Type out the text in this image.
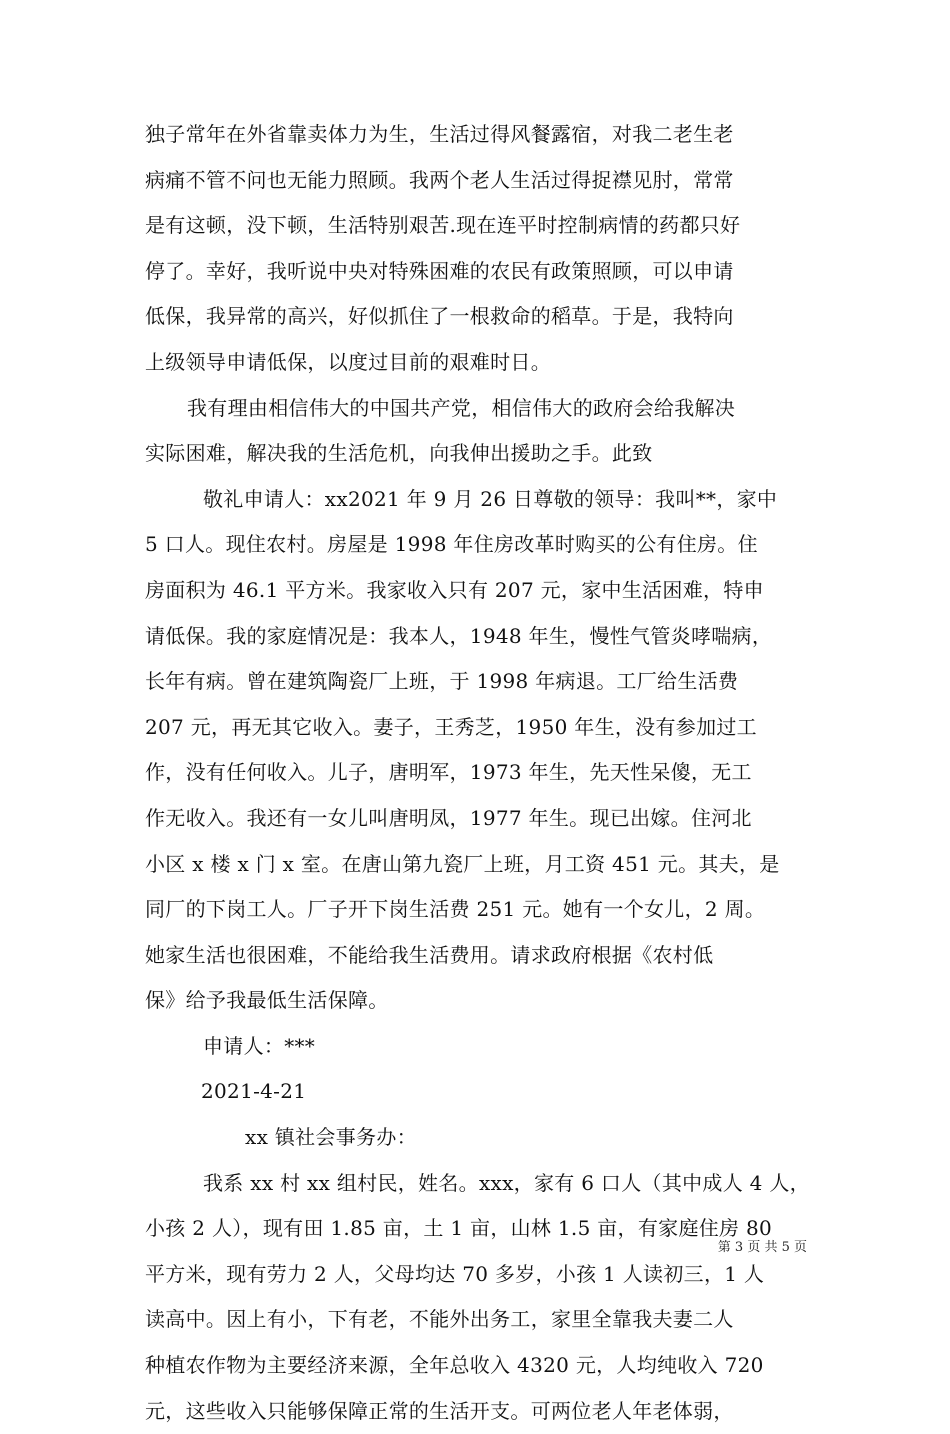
独子常年在外省靠卖体力为生，生活过得风餐露宿，对我二老生老
病痛不管不问也无能力照顾。我两个老人生活过得捉襟见肘，常常
是有这顿，没下顿，生活特别艰苦.现在连平时控制病情的药都只好
停了。幸好，我听说中央对特殊困难的农民有政策照顾，可以申请
低保，我异常的高兴，好似抓住了一根救命的稻草。于是，我特向
上级领导申请低保，以度过目前的艰难时日。
我有理由相信伟大的中国共产党，相信伟大的政府会给我解决
实际困难，解决我的生活危机，向我伸出援助之手。此致
敬礼申请人：xx2021 年 9 月 26 日尊敬的领导：我叫**，家中
5 口人。现住农村。房屋是 1998 年住房改革时购买的公有住房。住
房面积为 46.1 平方米。我家收入只有 207 元，家中生活困难，特申
请低保。我的家庭情况是：我本人，1948 年生，慢性气管炎哮喘病，
长年有病。曾在建筑陶瓷厂上班，于 1998 年病退。工厂给生活费
207 元，再无其它收入。妻子，王秀芝，1950 年生，没有参加过工
作，没有任何收入。儿子，唐明军，1973 年生，先天性呆傻，无工
作无收入。我还有一女儿叫唐明凤，1977 年生。现已出嫁。住河北
小区 x 楼 x 门 x 室。在唐山第九瓷厂上班，月工资 451 元。其夫，是
同厂的下岗工人。厂子开下岗生活费 251 元。她有一个女儿，2 周。
她家生活也很困难，不能给我生活费用。请求政府根据《农村低
保》给予我最低生活保障。
申请人：***
2021-4-21
xx 镇社会事务办：
我系 xx 村 xx 组村民，姓名。xxx，家有 6 口人（其中成人 4 人，
小孩 2 人），现有田 1.85 亩，土 1 亩，山林 1.5 亩，有家庭住房 80
平方米，现有劳力 2 人，父母均达 70 多岁，小孩 1 人读初三，1 人
读高中。因上有小，下有老，不能外出务工，家里全靠我夫妻二人
种植农作物为主要经济来源，全年总收入 4320 元，人均纯收入 720
元，这些收入只能够保障正常的生活开支。可两位老人年老体弱，
第 3 页 共 5 页
